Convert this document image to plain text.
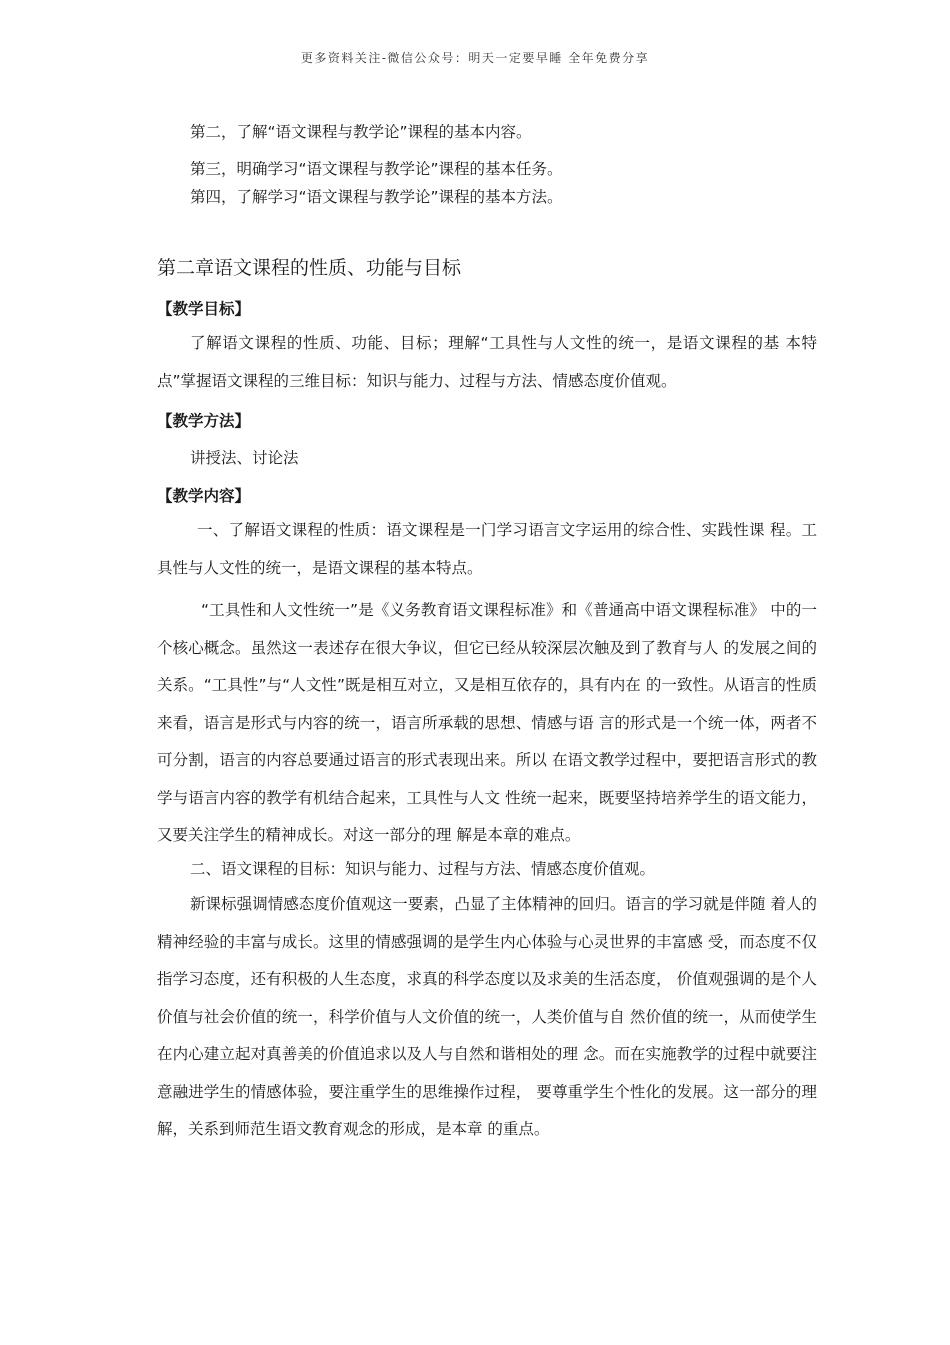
更多资料关注-微信公众号：明天一定要早睡 全年免费分享
第二，了解“语文课程与教学论”课程的基本内容。
第三，明确学习“语文课程与教学论”课程的基本任务。
第四，了解学习“语文课程与教学论”课程的基本方法。
第二章语文课程的性质、功能与目标
【教学目标】
了解语文课程的性质、功能、目标；理解“工具性与人文性的统一，是语文课程的基 本特点”掌握语文课程的三维目标：知识与能力、过程与方法、情感态度价值观。
【教学方法】
讲授法、讨论法
【教学内容】
一、了解语文课程的性质：语文课程是一门学习语言文字运用的综合性、实践性课 程。工具性与人文性的统一，是语文课程的基本特点。
“工具性和人文性统一”是《义务教育语文课程标准》和《普通高中语文课程标准》 中的一个核心概念。虽然这一表述存在很大争议，但它已经从较深层次触及到了教育与人 的发展之间的关系。“工具性”与“人文性”既是相互对立，又是相互依存的，具有内在 的一致性。从语言的性质来看，语言是形式与内容的统一，语言所承载的思想、情感与语 言的形式是一个统一体，两者不可分割，语言的内容总要通过语言的形式表现出来。所以 在语文教学过程中，要把语言形式的教学与语言内容的教学有机结合起来，工具性与人文 性统一起来，既要坚持培养学生的语文能力，又要关注学生的精神成长。对这一部分的理 解是本章的难点。
二、语文课程的目标：知识与能力、过程与方法、情感态度价值观。
新课标强调情感态度价值观这一要素，凸显了主体精神的回归。语言的学习就是伴随 着人的精神经验的丰富与成长。这里的情感强调的是学生内心体验与心灵世界的丰富感 受，而态度不仅指学习态度，还有积极的人生态度，求真的科学态度以及求美的生活态度， 价值观强调的是个人价值与社会价值的统一，科学价值与人文价值的统一，人类价值与自 然价值的统一，从而使学生在内心建立起对真善美的价值追求以及人与自然和谐相处的理 念。而在实施教学的过程中就要注意融进学生的情感体验，要注重学生的思维操作过程， 要尊重学生个性化的发展。这一部分的理解，关系到师范生语文教育观念的形成，是本章 的重点。
